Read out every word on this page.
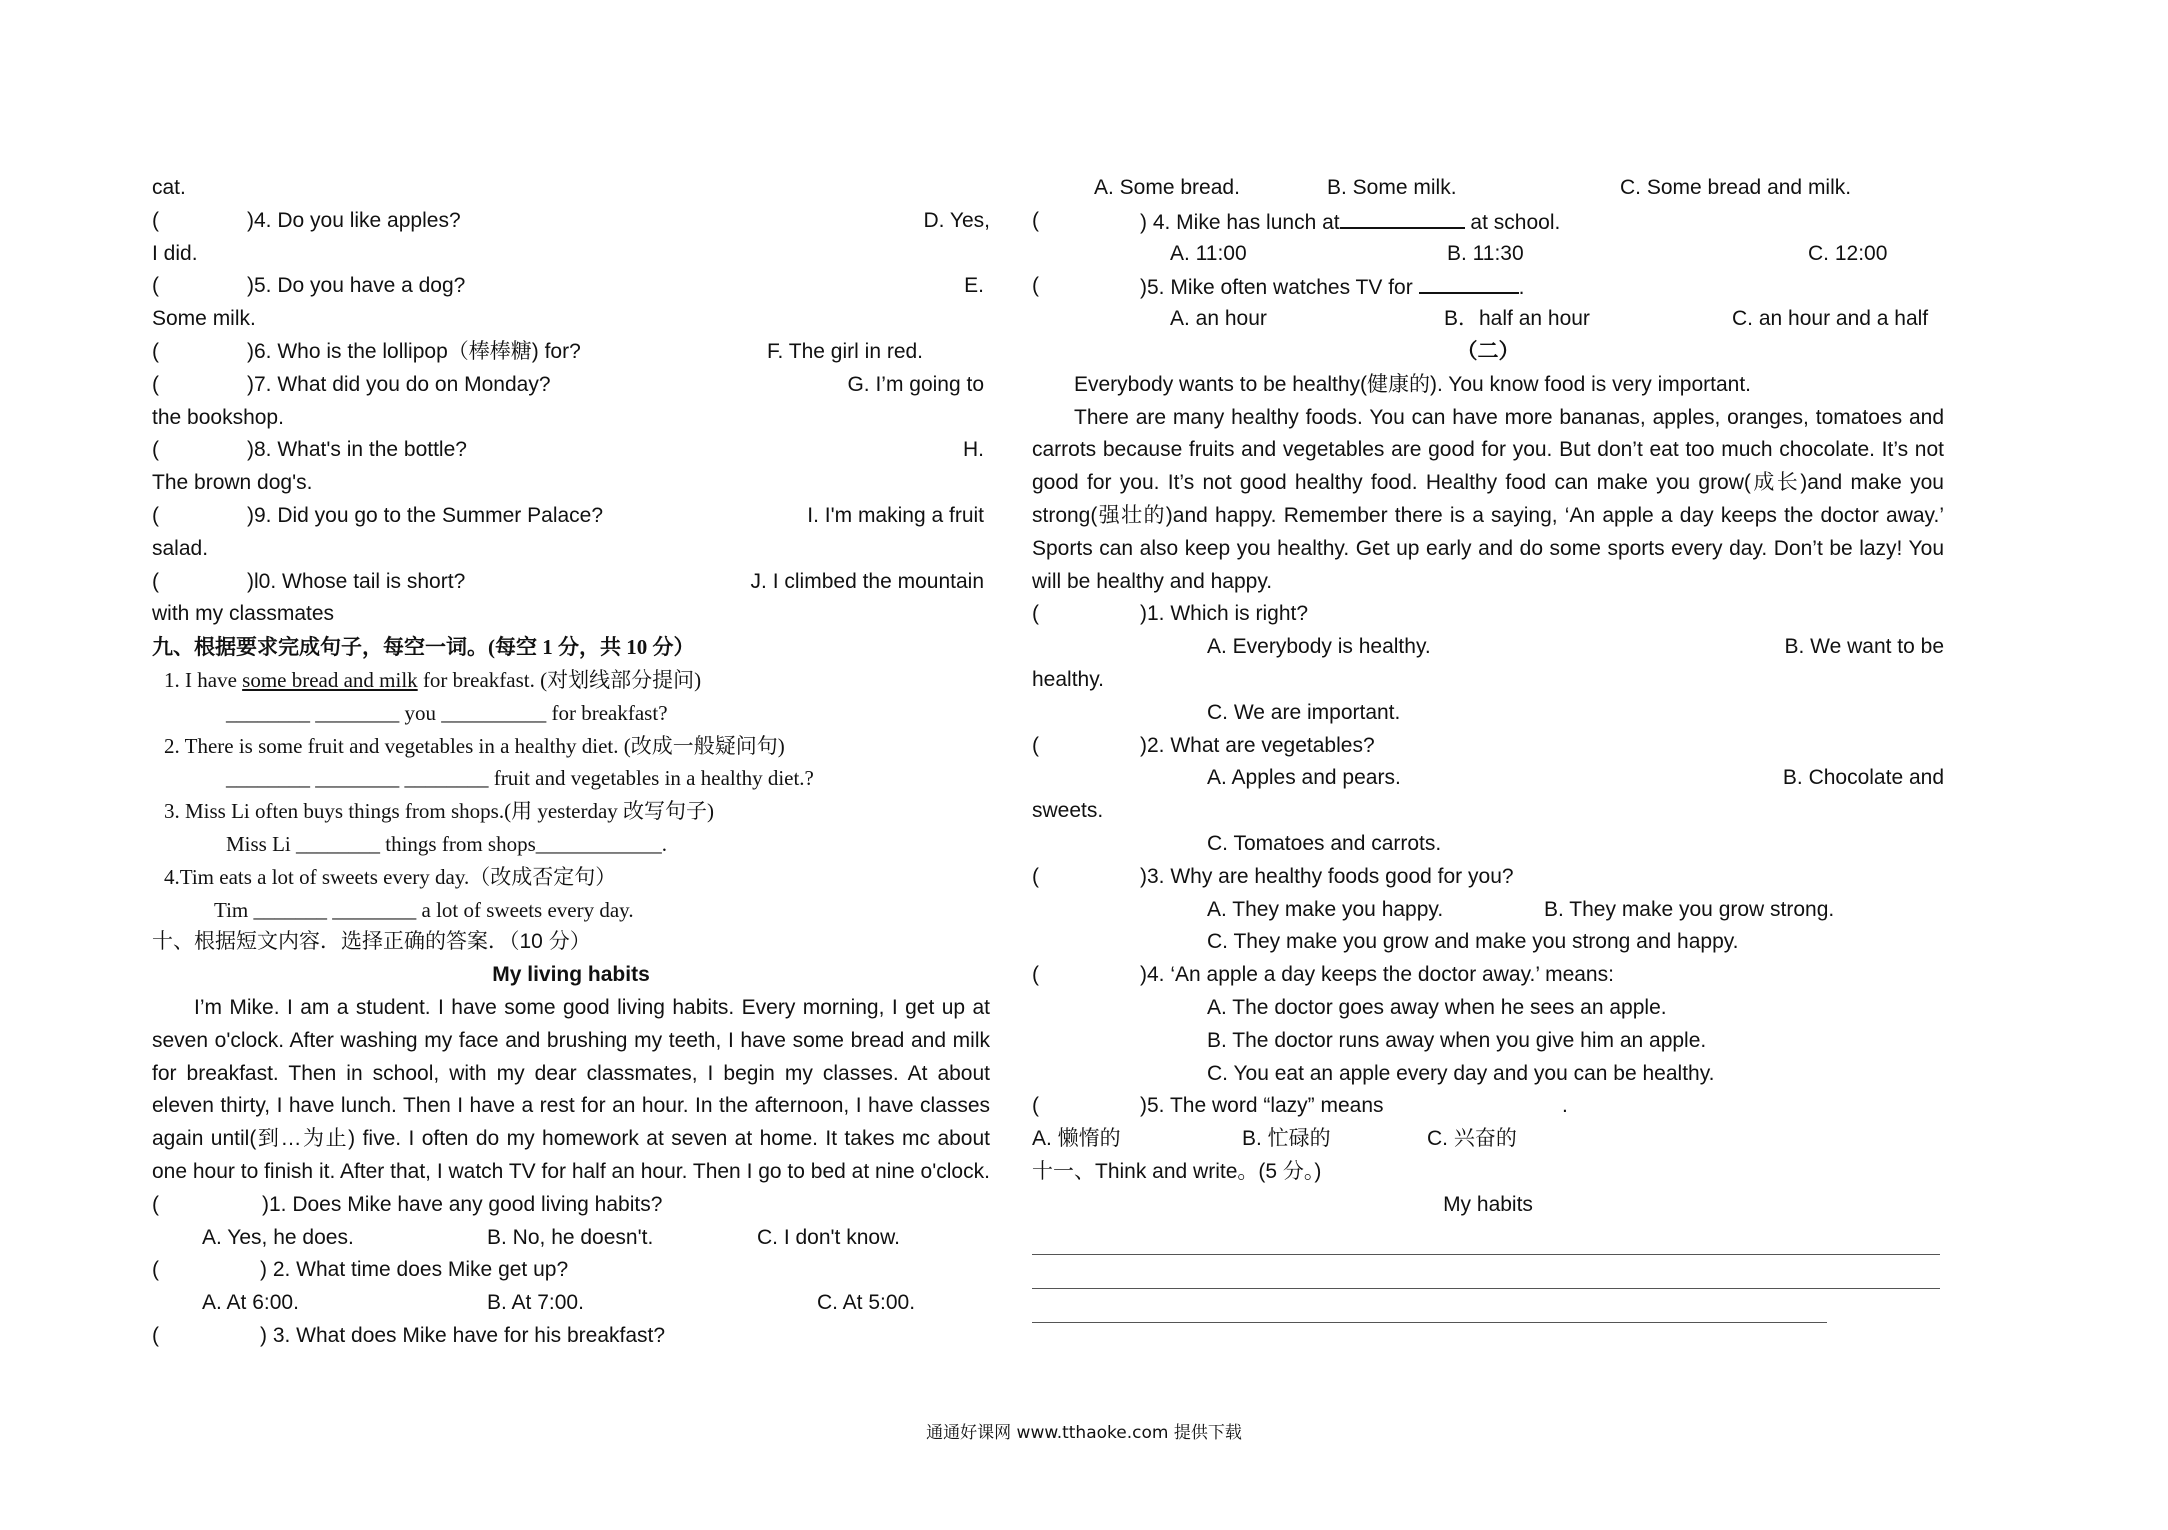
cat.
(	)4. Do you like apples?	D. Yes,
I did.
(	)5. Do you have a dog?	E.
Some milk.
(	)6. Who is the lollipop（棒棒糖) for?	F. The girl in red.
(	)7. What did you do on Monday?	G. I’m going to
the bookshop.
(	)8. What's in the bottle?	H.
The brown dog's.
(	)9. Did you go to the Summer Palace?	I. I'm making a fruit
salad.
(	)l0. Whose tail is short?	J. I climbed the mountain
with my classmates
九、根据要求完成句子，每空一词。(每空 1 分，共 10 分）
1. I have some bread and milk for breakfast. (对划线部分提问)
________ ________ you __________ for breakfast?
2. There is some fruit and vegetables in a healthy diet. (改成一般疑问句)
________ ________ ________ fruit and vegetables in a healthy diet.?
3. Miss Li often buys things from shops.(用 yesterday 改写句子)
Miss Li ________ things from shops____________.
4.Tim eats a lot of sweets every day.（改成否定句）
Tim _______ ________ a lot of sweets every day.
十、根据短文内容．选择正确的答案．（10 分）
My living habits

I’m Mike. I am a student. I have some good living habits. Every morning, I get up at seven o'clock. After washing my face and brushing my teeth, I have some bread and milk for breakfast. Then in school, with my dear classmates, I begin my classes. At about eleven thirty, I have lunch. Then I have a rest for an hour. In the afternoon, I have classes again until(到…为止) five. I often do my homework at seven at home. It takes mc about one hour to finish it. After that, I watch TV for half an hour. Then I go to bed at nine o'clock.

(	)1. Does Mike have any good living habits?
A. Yes, he does.	B. No, he doesn't.	C. I don't know.
(	) 2. What time does Mike get up?
A. At 6:00.	B. At 7:00.	C. At 5:00.
(	) 3. What does Mike have for his breakfast?
A. Some bread.	B. Some milk.	C. Some bread and milk.
(	) 4. Mike has lunch at	at school.
A. 11:00	B. 11:30	C. 12:00
(	)5. Mike often watches TV for	.
A. an hour	B．half an hour	C. an hour and a half
（二）

Everybody wants to be healthy(健康的). You know food is very important.

There are many healthy foods. You can have more bananas, apples, oranges, tomatoes and carrots because fruits and vegetables are good for you. But don’t eat too much chocolate. It’s not good for you. It’s not good healthy food. Healthy food can make you grow(成长)and make you strong(强壮的)and happy. Remember there is a saying, ‘An apple a day keeps the doctor away.’ Sports can also keep you healthy. Get up early and do some sports every day. Don’t be lazy! You will be healthy and happy.

(	)1. Which is right?
A. Everybody is healthy.	B. We want to be
healthy.
C. We are important.
(	)2. What are vegetables?
A. Apples and pears.	B. Chocolate and
sweets.
C. Tomatoes and carrots.
(	)3. Why are healthy foods good for you?
A. They make you happy.	B. They make you grow strong.
C. They make you grow and make you strong and happy.
(	)4. ‘An apple a day keeps the doctor away.’ means:
A. The doctor goes away when he sees an apple.
B. The doctor runs away when you give him an apple.
C. You eat an apple every day and you can be healthy.
(	)5. The word “lazy” means	.
A. 懒惰的	B. 忙碌的	C. 兴奋的
十一、Think and write。(5 分。)
My habits
通通好课网 www.tthaoke.com 提供下载
